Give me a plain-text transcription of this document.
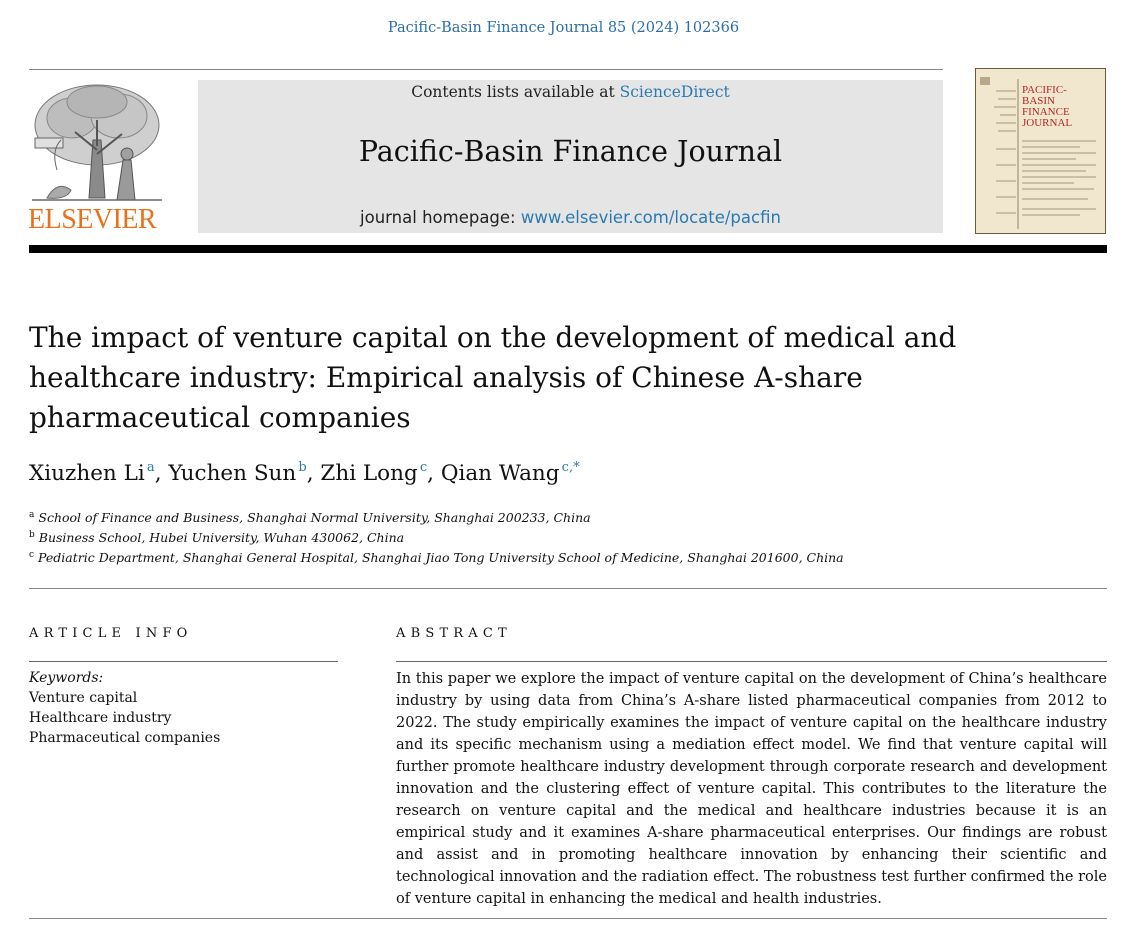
Pacific-Basin Finance Journal 85 (2024) 102366
ELSEVIER
Contents lists available at ScienceDirect
Pacific-Basin Finance Journal
journal homepage: www.elsevier.com/locate/pacfin
PACIFIC-
BASIN
FINANCE
JOURNAL
The impact of venture capital on the development of medical and healthcare industry: Empirical analysis of Chinese A-share pharmaceutical companies
Xiuzhen Li  $^a$, Yuchen Sun  $^b$, Zhi Long  $^c$, Qian Wang  $^{c,*}$
$^a$ School of Finance and Business, Shanghai Normal University, Shanghai 200233, China
$^b$ Business School, Hubei University, Wuhan 430062, China
$^c$ Pediatric Department, Shanghai General Hospital, Shanghai Jiao Tong University School of Medicine, Shanghai 201600, China
ARTICLE INFO	ABSTRACT
Keywords:
Venture capital
Healthcare industry
Pharmaceutical companies

In this paper we explore the impact of venture capital on the development of China’s healthcare industry by using data from China’s A-share listed pharmaceutical companies from 2012 to 2022. The study empirically examines the impact of venture capital on the healthcare industry and its specific mechanism using a mediation effect model. We find that venture capital will further promote healthcare industry development through corporate research and development innovation and the clustering effect of venture capital. This contributes to the literature the research on venture capital and the medical and healthcare industries because it is an empirical study and it examines A-share pharmaceutical enterprises. Our findings are robust and assist and in promoting healthcare innovation by enhancing their scientific and technological innovation and the radiation effect. The robustness test further confirmed the role of venture capital in enhancing the medical and health industries.
